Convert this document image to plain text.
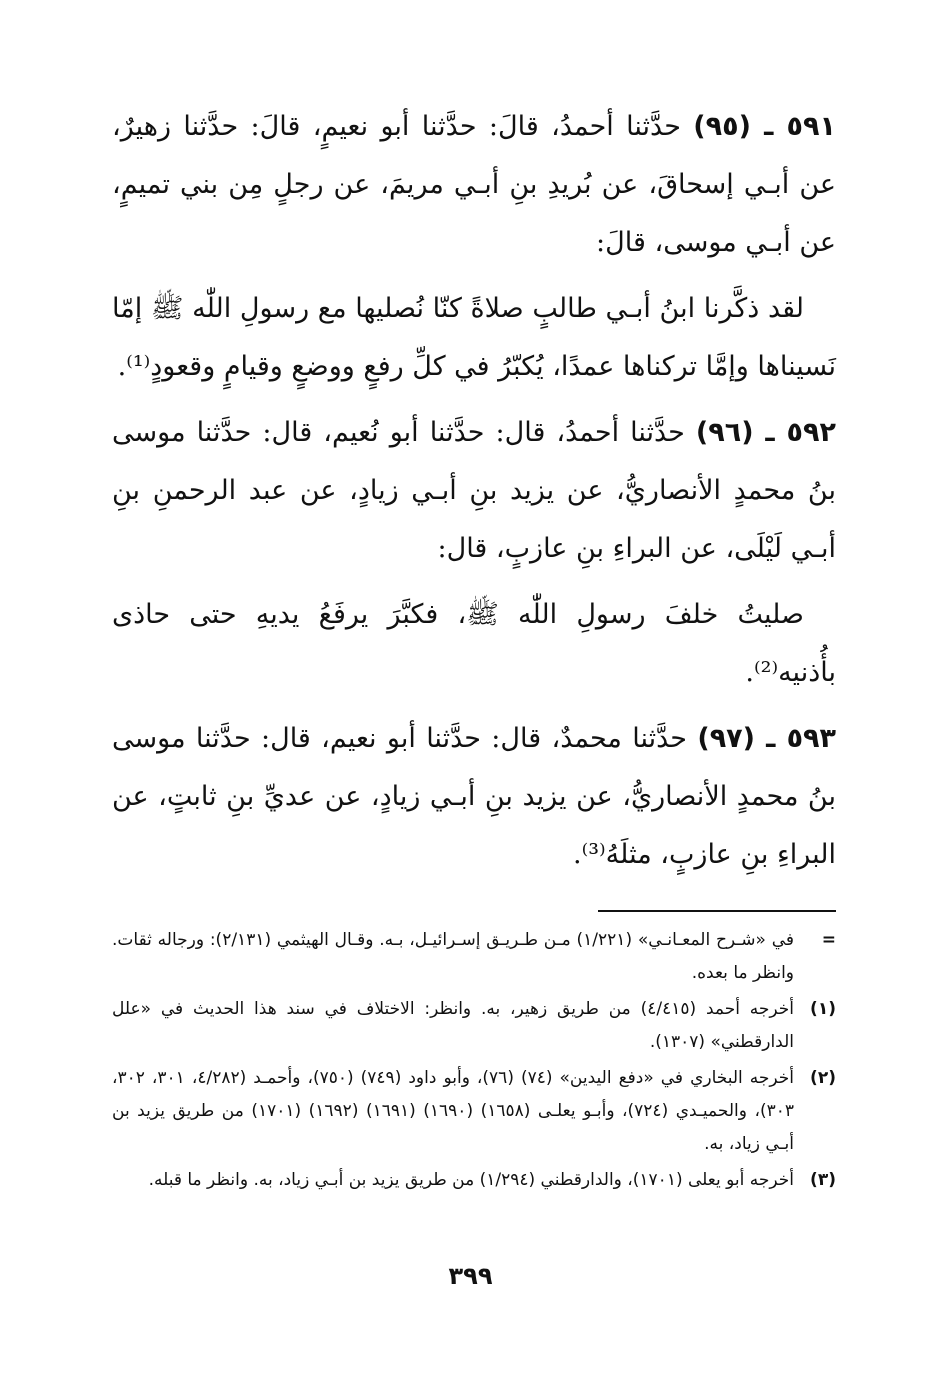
٥٩١ ـ (٩٥) حدَّثنا أحمدُ، قالَ: حدَّثنا أبو نعيمٍ، قالَ: حدَّثنا زهيرٌ، عن أبـي إسحاقَ، عن بُريدِ بنِ أبـي مريمَ، عن رجلٍ مِن بني تميمٍ، عن أبـي موسى، قالَ:

لقد ذكَّرنا ابنُ أبـي طالبٍ صلاةً كنّا نُصليها مع رسولِ اللّٰه ﷺ إمّا نَسيناها وإمَّا تركناها عمدًا، يُكبّرُ في كلِّ رفعٍ ووضعٍ وقيامٍ وقعودٍ⁽¹⁾.

٥٩٢ ـ (٩٦) حدَّثنا أحمدُ، قال: حدَّثنا أبو نُعيم، قال: حدَّثنا موسى بنُ محمدٍ الأنصاريُّ، عن يزيد بنِ أبـي زيادٍ، عن عبد الرحمنِ بنِ أبـي لَيْلَى، عن البراءِ بنِ عازبٍ، قال:

صليتُ خلفَ رسولِ اللّٰه ﷺ، فكبَّرَ يرفَعُ يديهِ حتى حاذى بأُذنيه⁽²⁾.

٥٩٣ ـ (٩٧) حدَّثنا محمدٌ، قال: حدَّثنا أبو نعيم، قال: حدَّثنا موسى بنُ محمدٍ الأنصاريُّ، عن يزيد بنِ أبـي زيادٍ، عن عديِّ بنِ ثابتٍ، عن البراءِ بنِ عازبٍ، مثلَهُ⁽³⁾.

=
في «شـرح المعـانـي» (١/٢٢١) مـن طـريـق إسـرائيـل، بـه. وقـال الهيثمي (٢/١٣١): ورجاله ثقات. وانظر ما بعده.
(١)
أخرجه أحمد (٤/٤١٥) من طريق زهير، به. وانظر: الاختلاف في سند هذا الحديث في «علل الدارقطني» (١٣٠٧).
(٢)
أخرجه البخاري في «دفع اليدين» (٧٤) (٧٦)، وأبو داود (٧٤٩) (٧٥٠)، وأحمـد (٤/٢٨٢، ٣٠١، ٣٠٢، ٣٠٣)، والحميـدي (٧٢٤)، وأبـو يعلـى (١٦٥٨) (١٦٩٠) (١٦٩١) (١٦٩٢) (١٧٠١) من طريق يزيد بن أبـي زياد، به.
(٣)
أخرجه أبو يعلى (١٧٠١)، والدارقطني (١/٢٩٤) من طريق يزيد بن أبـي زياد، به. وانظر ما قبله.
٣٩٩
